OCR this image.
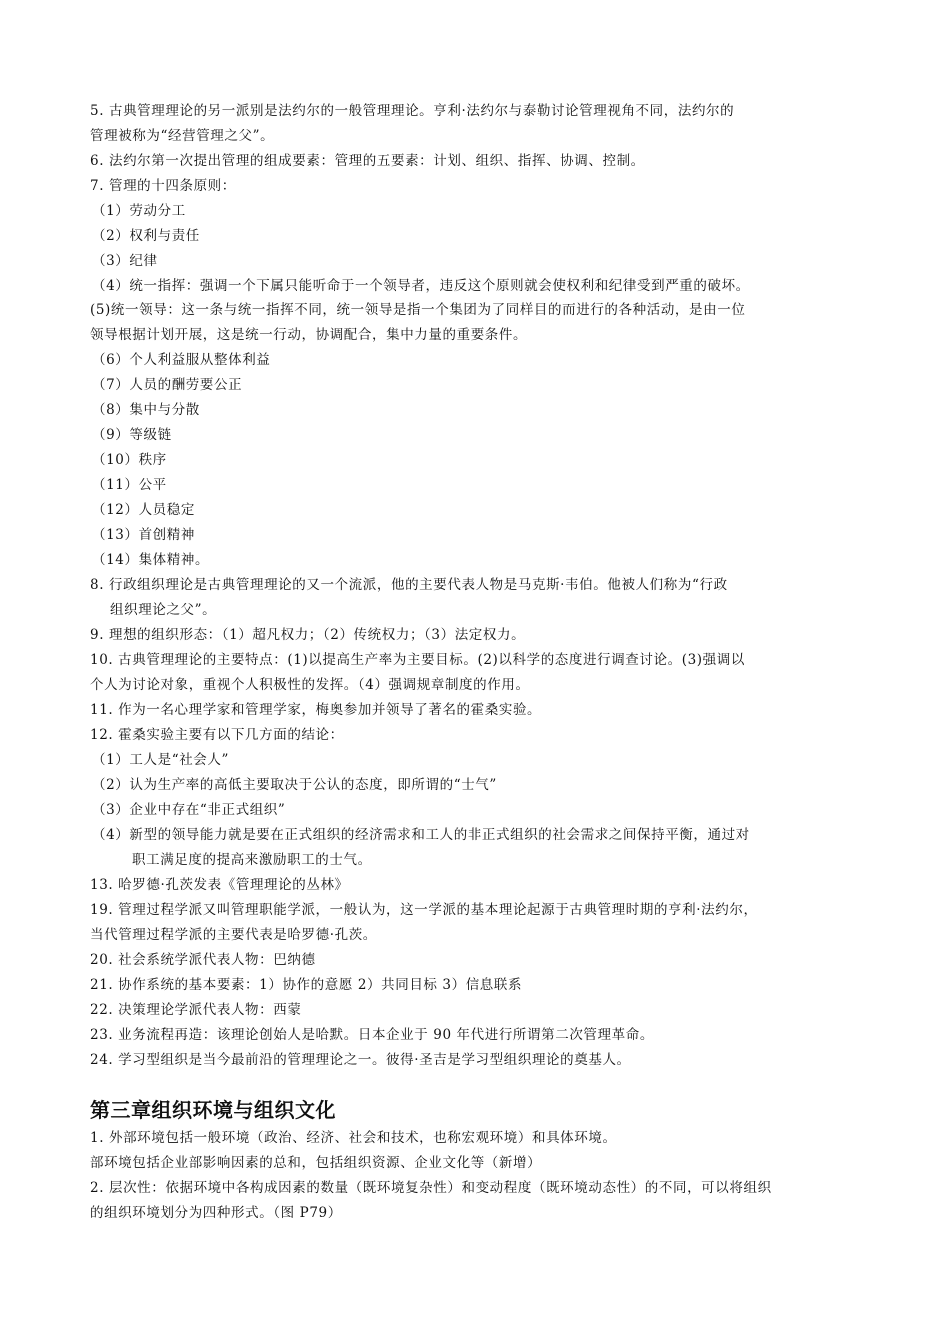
5. 古典管理理论的另一派别是法约尔的一般管理理论。亨利·法约尔与泰勒讨论管理视角不同，法约尔的
管理被称为“经营管理之父”。
6. 法约尔第一次提出管理的组成要素：管理的五要素：计划、组织、指挥、协调、控制。
7. 管理的十四条原则：
（1）劳动分工
（2）权利与责任
（3）纪律
（4）统一指挥：强调一个下属只能听命于一个领导者，违反这个原则就会使权利和纪律受到严重的破坏。
(5)统一领导：这一条与统一指挥不同，统一领导是指一个集团为了同样目的而进行的各种活动，是由一位
领导根据计划开展，这是统一行动，协调配合，集中力量的重要条件。
（6）个人利益服从整体利益
（7）人员的酬劳要公正
（8）集中与分散
（9）等级链
（10）秩序
（11）公平
（12）人员稳定
（13）首创精神
（14）集体精神。
8. 行政组织理论是古典管理理论的又一个流派，他的主要代表人物是马克斯·韦伯。他被人们称为“行政
组织理论之父”。
9. 理想的组织形态：（1）超凡权力；（2）传统权力；（3）法定权力。
10. 古典管理理论的主要特点：(1)以提高生产率为主要目标。(2)以科学的态度进行调查讨论。(3)强调以
个人为讨论对象，重视个人积极性的发挥。（4）强调规章制度的作用。
11. 作为一名心理学家和管理学家，梅奥参加并领导了著名的霍桑实验。
12. 霍桑实验主要有以下几方面的结论：
（1）工人是“社会人”
（2）认为生产率的高低主要取决于公认的态度，即所谓的“士气”
（3）企业中存在“非正式组织”
（4）新型的领导能力就是要在正式组织的经济需求和工人的非正式组织的社会需求之间保持平衡，通过对
职工满足度的提高来激励职工的士气。
13. 哈罗德·孔茨发表《管理理论的丛林》
19. 管理过程学派又叫管理职能学派，一般认为，这一学派的基本理论起源于古典管理时期的亨利·法约尔，
当代管理过程学派的主要代表是哈罗德·孔茨。
20. 社会系统学派代表人物：巴纳德
21. 协作系统的基本要素：1）协作的意愿 2）共同目标 3）信息联系
22. 决策理论学派代表人物：西蒙
23. 业务流程再造：该理论创始人是哈默。日本企业于 90 年代进行所谓第二次管理革命。
24. 学习型组织是当今最前沿的管理理论之一。彼得·圣吉是学习型组织理论的奠基人。
第三章组织环境与组织文化
1. 外部环境包括一般环境（政治、经济、社会和技术，也称宏观环境）和具体环境。
部环境包括企业部影响因素的总和，包括组织资源、企业文化等（新增）
2. 层次性：依据环境中各构成因素的数量（既环境复杂性）和变动程度（既环境动态性）的不同，可以将组织
的组织环境划分为四种形式。（图 P79）
